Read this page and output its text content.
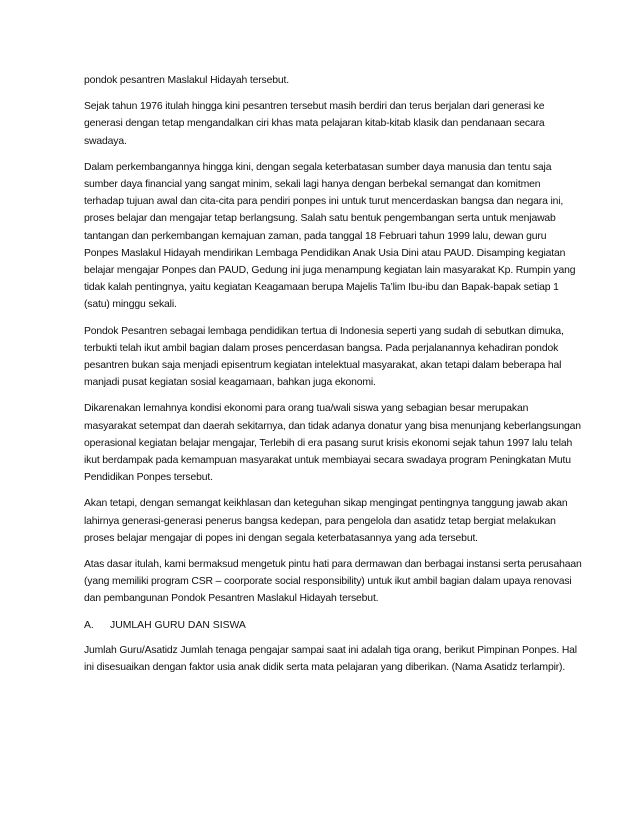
pondok pesantren Maslakul Hidayah tersebut.

Sejak tahun 1976 itulah hingga kini pesantren tersebut masih berdiri dan terus berjalan dari generasi ke generasi dengan tetap mengandalkan ciri khas mata pelajaran kitab-kitab klasik dan pendanaan secara swadaya.

Dalam perkembangannya hingga kini, dengan segala keterbatasan sumber daya manusia dan tentu saja sumber daya financial yang sangat minim, sekali lagi hanya dengan berbekal semangat dan komitmen terhadap tujuan awal dan cita-cita para pendiri ponpes ini untuk turut mencerdaskan bangsa dan negara ini, proses belajar dan mengajar tetap berlangsung. Salah satu bentuk pengembangan serta untuk menjawab tantangan dan perkembangan kemajuan zaman, pada tanggal 18 Februari tahun 1999 lalu, dewan guru Ponpes Maslakul Hidayah mendirikan Lembaga Pendidikan Anak Usia Dini atau PAUD. Disamping kegiatan belajar mengajar Ponpes dan PAUD, Gedung ini juga menampung kegiatan lain masyarakat Kp. Rumpin yang tidak kalah pentingnya, yaitu kegiatan Keagamaan berupa Majelis Ta’lim Ibu-ibu dan Bapak-bapak setiap 1 (satu) minggu sekali.

Pondok Pesantren sebagai lembaga pendidikan tertua di Indonesia seperti yang sudah di sebutkan dimuka, terbukti telah ikut ambil bagian dalam proses pencerdasan bangsa. Pada perjalanannya kehadiran pondok pesantren bukan saja menjadi episentrum kegiatan intelektual masyarakat, akan tetapi dalam beberapa hal manjadi pusat kegiatan sosial keagamaan, bahkan juga ekonomi.

Dikarenakan lemahnya kondisi ekonomi para orang tua/wali siswa yang sebagian besar merupakan masyarakat setempat dan daerah sekitarnya, dan tidak adanya donatur yang bisa menunjang keberlangsungan operasional kegiatan belajar mengajar, Terlebih di era pasang surut krisis ekonomi sejak tahun 1997 lalu telah ikut berdampak pada kemampuan masyarakat untuk membiayai secara swadaya program Peningkatan Mutu Pendidikan Ponpes tersebut.

Akan tetapi, dengan semangat keikhlasan dan keteguhan sikap mengingat pentingnya tanggung jawab akan lahirnya generasi-generasi penerus bangsa kedepan, para pengelola dan asatidz tetap bergiat melakukan proses belajar mengajar di popes ini dengan segala keterbatasannya yang ada tersebut.

Atas dasar itulah, kami bermaksud mengetuk pintu hati para dermawan dan berbagai instansi serta perusahaan (yang memiliki program CSR – coorporate social responsibility) untuk ikut ambil bagian dalam upaya renovasi dan pembangunan Pondok Pesantren Maslakul Hidayah tersebut.

A.	JUMLAH GURU DAN SISWA

Jumlah Guru/Asatidz Jumlah tenaga pengajar sampai saat ini adalah tiga orang, berikut Pimpinan Ponpes. Hal ini disesuaikan dengan faktor usia anak didik serta mata pelajaran yang diberikan. (Nama Asatidz terlampir).
